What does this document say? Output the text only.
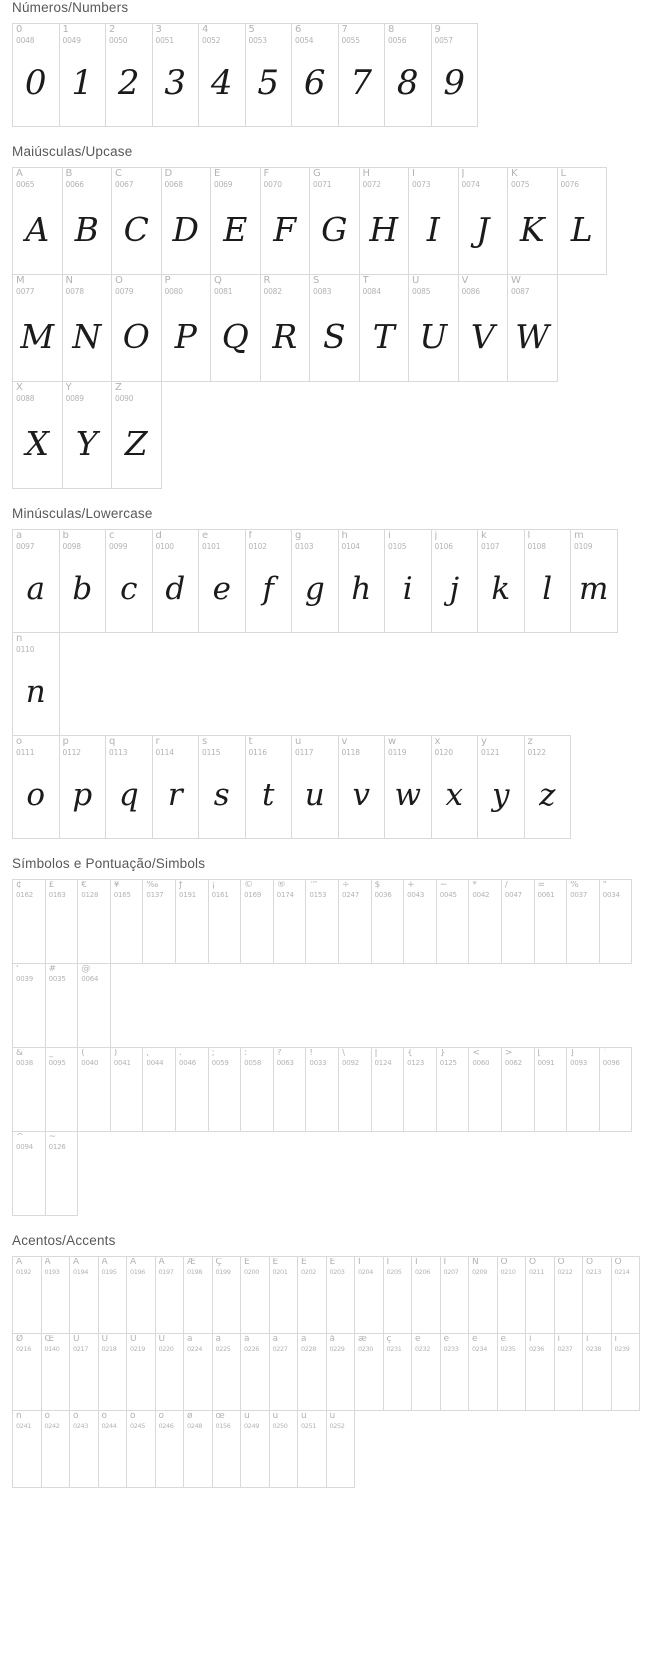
Números/Numbers
0
0048
0
1
0049
1
2
0050
2
3
0051
3
4
0052
4
5
0053
5
6
0054
6
7
0055
7
8
0056
8
9
0057
9
Maiúsculas/Upcase
A
0065
A
B
0066
B
C
0067
C
D
0068
D
E
0069
E
F
0070
F
G
0071
G
H
0072
H
I
0073
I
J
0074
J
K
0075
K
L
0076
L
M
0077
M
N
0078
N
O
0079
O
P
0080
P
Q
0081
Q
R
0082
R
S
0083
S
T
0084
T
U
0085
U
V
0086
V
W
0087
W
X
0088
X
Y
0089
Y
Z
0090
Z
Minúsculas/Lowercase
a
0097
a
b
0098
b
c
0099
c
d
0100
d
e
0101
e
f
0102
f
g
0103
g
h
0104
h
i
0105
i
j
0106
j
k
0107
k
l
0108
l
m
0109
m
n
0110
n
o
0111
o
p
0112
p
q
0113
q
r
0114
r
s
0115
s
t
0116
t
u
0117
u
v
0118
v
w
0119
w
x
0120
x
y
0121
y
z
0122
z
Símbolos e Pontuação/Simbols
¢
0162
£
0163
€
0128
¥
0165
‰
0137
ƒ
0191
¡
0161
©
0169
®
0174
™
0153
÷
0247
$
0036
+
0043
−
0045
*
0042
/
0047
=
0061
%
0037
"
0034
'
0039
#
0035
@
0064
&
0038
_
0095
(
0040
)
0041
,
0044
.
0046
;
0059
:
0058
?
0063
!
0033
\
0092
|
0124
{
0123
}
0125
<
0060
>
0062
[
0091
]
0093
`
0096
^
0094
~
0126
Acentos/Accents
À
0192
Á
0193
Â
0194
Ã
0195
Ä
0196
Å
0197
Æ
0198
Ç
0199
È
0200
É
0201
Ê
0202
Ë
0203
Ì
0204
Í
0205
Î
0206
Ï
0207
Ñ
0209
Ò
0210
Ó
0211
Ô
0212
Õ
0213
Ö
0214
Ø
0216
Œ
0140
Ù
0217
Ú
0218
Û
0219
Ü
0220
à
0224
á
0225
â
0226
ã
0227
ä
0228
å
0229
æ
0230
ç
0231
è
0232
é
0233
ê
0234
ë
0235
ì
0236
í
0237
î
0238
ï
0239
ñ
0241
ò
0242
ó
0243
ô
0244
õ
0245
ö
0246
ø
0248
œ
0156
ù
0249
ú
0250
û
0251
ü
0252
